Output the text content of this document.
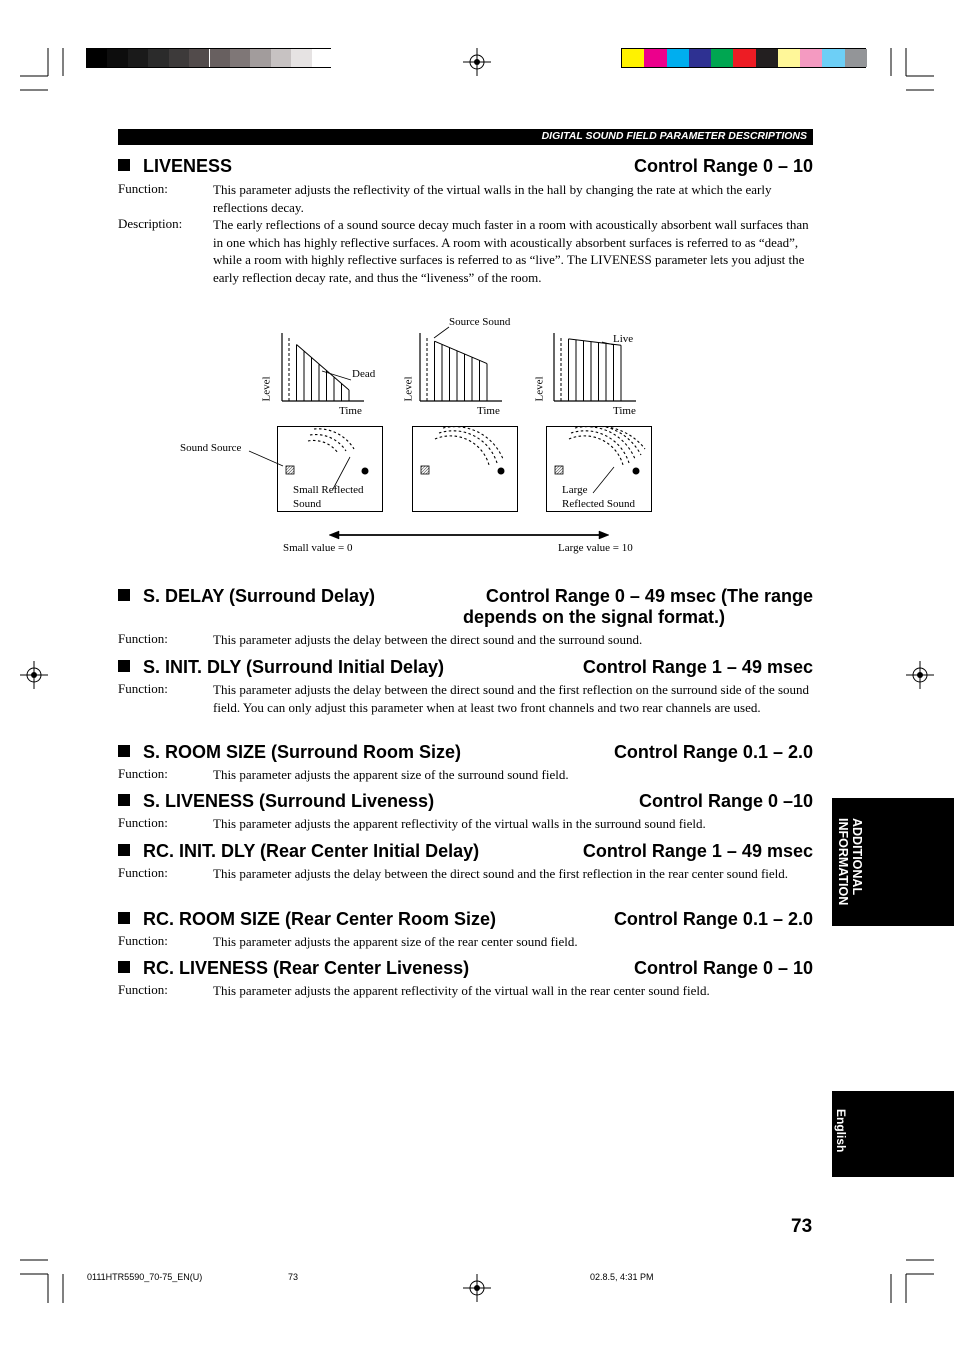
DIGITAL SOUND FIELD PARAMETER DESCRIPTIONS
LIVENESS	Control Range 0 – 10
Function:	This parameter adjusts the reflectivity of the virtual walls in the hall by changing the rate at which the early reflections decay.
Description: The early reflections of a sound source decay much faster in a room with acoustically absorbent wall surfaces than in one which has highly reflective surfaces. A room with acoustically absorbent surfaces is referred to as “dead”, while a room with highly reflective surfaces is referred to as “live”. The LIVENESS parameter lets you adjust the early reflection decay rate, and thus the “liveness” of the room.
Dead
Source Sound
Live
Time	Time	Time
Level	Level	Level
Sound Source
Small Reflected
Sound
Large
Reflected Sound
Small value = 0	Large value = 10
S. DELAY (Surround Delay)	Control Range 0 – 49 msec (The range
depends on the signal format.)
Function:	This parameter adjusts the delay between the direct sound and the surround sound.
S. INIT. DLY (Surround Initial Delay)	Control Range 1 – 49 msec
Function:	This parameter adjusts the delay between the direct sound and the first reflection on the surround side of the sound field. You can only adjust this parameter when at least two front channels and two rear channels are used.
S. ROOM SIZE (Surround Room Size)	Control Range 0.1 – 2.0
Function:	This parameter adjusts the apparent size of the surround sound field.
S. LIVENESS (Surround Liveness)	Control Range 0 –10
Function:	This parameter adjusts the apparent reflectivity of the virtual walls in the surround sound field.
RC. INIT. DLY (Rear Center Initial Delay)	Control Range 1 – 49 msec
Function:	This parameter adjusts the delay between the direct sound and the first reflection in the rear center sound field.
RC. ROOM SIZE (Rear Center Room Size)	Control Range 0.1 – 2.0
Function:	This parameter adjusts the apparent size of the rear center sound field.
RC. LIVENESS (Rear Center Liveness)	Control Range 0 – 10
Function:	This parameter adjusts the apparent reflectivity of the virtual wall in the rear center sound field.
ADDITIONAL
INFORMATION
English
73
0111HTR5590_70-75_EN(U)	73	02.8.5, 4:31 PM
